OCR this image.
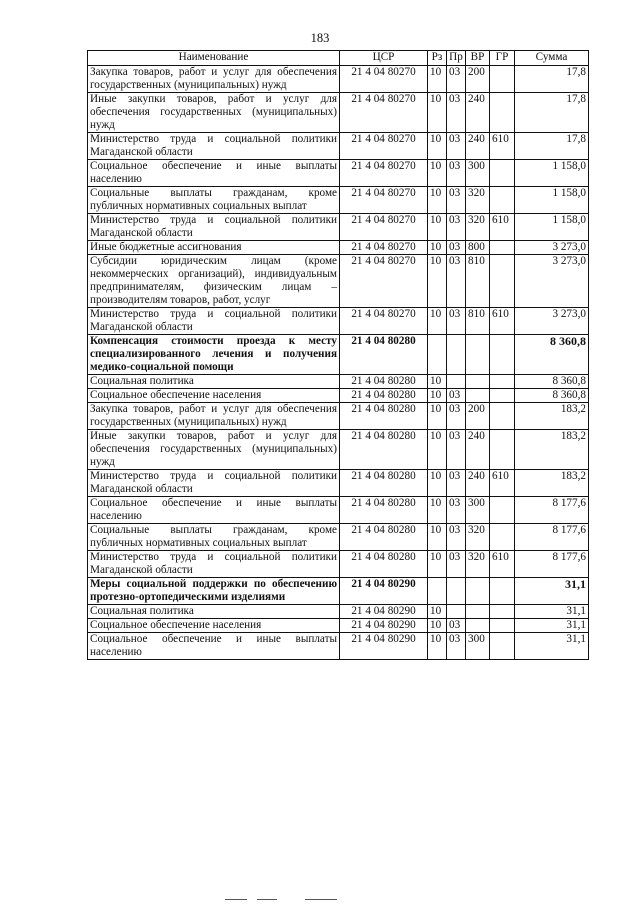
183
Наименование	ЦСР	Рз	Пр	ВР	ГР	Сумма
Закупка товаров, работ и услуг для обеспечения государственных (муниципальных) нужд	21 4 04 80270	10	03	200		17,8
Иные закупки товаров, работ и услуг для обеспечения государственных (муниципальных) нужд	21 4 04 80270	10	03	240		17,8
Министерство труда и социальной политики Магаданской области	21 4 04 80270	10	03	240	610	17,8
Социальное обеспечение и иные выплаты населению	21 4 04 80270	10	03	300		1 158,0
Социальные выплаты гражданам, кроме публичных нормативных социальных выплат	21 4 04 80270	10	03	320		1 158,0
Министерство труда и социальной политики Магаданской области	21 4 04 80270	10	03	320	610	1 158,0
Иные бюджетные ассигнования	21 4 04 80270	10	03	800		3 273,0
Субсидии юридическим лицам (кроме некоммерческих организаций), индивидуальным предпринимателям, физическим лицам – производителям товаров, работ, услуг	21 4 04 80270	10	03	810		3 273,0
Министерство труда и социальной политики Магаданской области	21 4 04 80270	10	03	810	610	3 273,0
Компенсация стоимости проезда к месту специализированного лечения и получения медико-социальной помощи	21 4 04 80280					8 360,8
Социальная политика	21 4 04 80280	10				8 360,8
Социальное обеспечение населения	21 4 04 80280	10	03			8 360,8
Закупка товаров, работ и услуг для обеспечения государственных (муниципальных) нужд	21 4 04 80280	10	03	200		183,2
Иные закупки товаров, работ и услуг для обеспечения государственных (муниципальных) нужд	21 4 04 80280	10	03	240		183,2
Министерство труда и социальной политики Магаданской области	21 4 04 80280	10	03	240	610	183,2
Социальное обеспечение и иные выплаты населению	21 4 04 80280	10	03	300		8 177,6
Социальные выплаты гражданам, кроме публичных нормативных социальных выплат	21 4 04 80280	10	03	320		8 177,6
Министерство труда и социальной политики Магаданской области	21 4 04 80280	10	03	320	610	8 177,6
Меры социальной поддержки по обеспечению протезно-ортопедическими изделиями	21 4 04 80290					31,1
Социальная политика	21 4 04 80290	10				31,1
Социальное обеспечение населения	21 4 04 80290	10	03			31,1
Социальное обеспечение и иные выплаты населению	21 4 04 80290	10	03	300		31,1
